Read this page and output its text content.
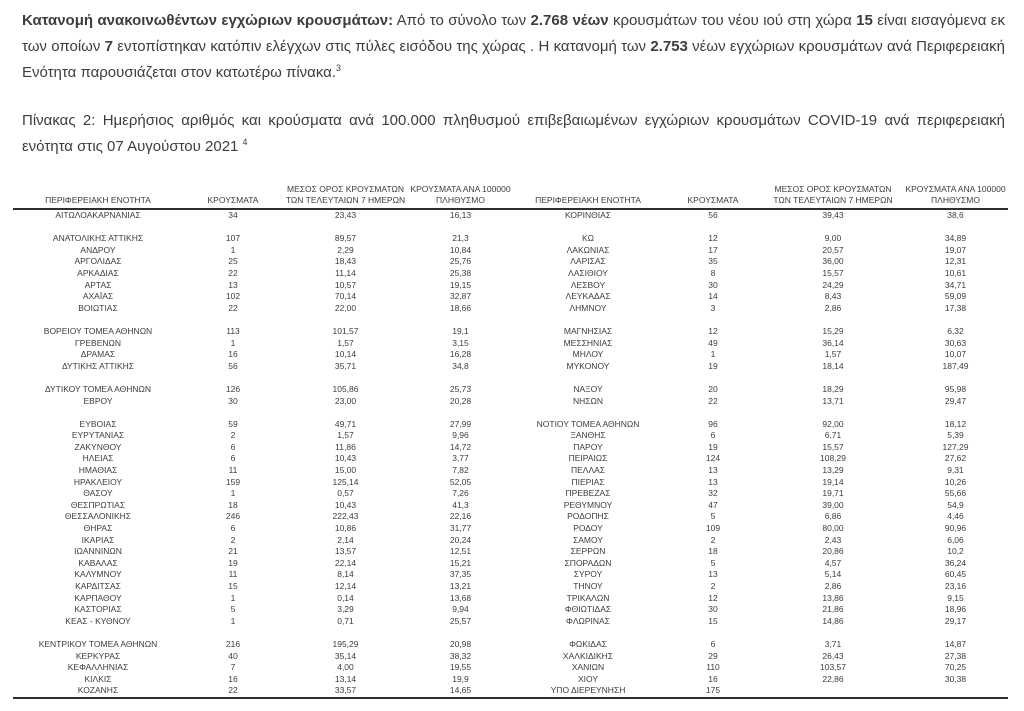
Κατανομή ανακοινωθέντων εγχώριων κρουσμάτων: Από το σύνολο των 2.768 νέων κρουσμάτων του νέου ιού στη χώρα 15 είναι εισαγόμενα εκ των οποίων 7 εντοπίστηκαν κατόπιν ελέγχων στις πύλες εισόδου της χώρας . Η κατανομή των 2.753 νέων εγχώριων κρουσμάτων ανά Περιφερειακή Ενότητα παρουσιάζεται στον κατωτέρω πίνακα.$^3$

Πίνακας 2: Ημερήσιος αριθμός και κρούσματα ανά 100.000 πληθυσμού επιβεβαιωμένων εγχώριων κρουσμάτων COVID-19 ανά περιφερειακή ενότητα στις 07 Αυγούστου 2021 $^4$

ΠΕΡΙΦΕΡΕΙΑΚΗ ΕΝΟΤΗΤΑ	ΚΡΟΥΣΜΑΤΑ	ΜΕΣΟΣ ΟΡΟΣ ΚΡΟΥΣΜΑΤΩΝ ΤΩΝ ΤΕΛΕΥΤΑΙΩΝ 7 ΗΜΕΡΩΝ	ΚΡΟΥΣΜΑΤΑ ΑΝΑ 100000 ΠΛΗΘΥΣΜΟ	ΠΕΡΙΦΕΡΕΙΑΚΗ ΕΝΟΤΗΤΑ	ΚΡΟΥΣΜΑΤΑ	ΜΕΣΟΣ ΟΡΟΣ ΚΡΟΥΣΜΑΤΩΝ ΤΩΝ ΤΕΛΕΥΤΑΙΩΝ 7 ΗΜΕΡΩΝ	ΚΡΟΥΣΜΑΤΑ ΑΝΑ 100000 ΠΛΗΘΥΣΜΟ
ΑΙΤΩΛΟΑΚΑΡΝΑΝΙΑΣ	34	23,43	16,13	ΚΟΡΙΝΘΙΑΣ	56	39,43	38,6

ΑΝΑΤΟΛΙΚΗΣ ΑΤΤΙΚΗΣ	107	89,57	21,3	ΚΩ	12	9,00	34,89
ΑΝΔΡΟΥ	1	2,29	10,84	ΛΑΚΩΝΙΑΣ	17	20,57	19,07
ΑΡΓΟΛΙΔΑΣ	25	18,43	25,76	ΛΑΡΙΣΑΣ	35	36,00	12,31
ΑΡΚΑΔΙΑΣ	22	11,14	25,38	ΛΑΣΙΘΙΟΥ	8	15,57	10,61
ΑΡΤΑΣ	13	10,57	19,15	ΛΕΣΒΟΥ	30	24,29	34,71
ΑΧΑΪΑΣ	102	70,14	32,87	ΛΕΥΚΑΔΑΣ	14	8,43	59,09
ΒΟΙΩΤΙΑΣ	22	22,00	18,66	ΛΗΜΝΟΥ	3	2,86	17,38

ΒΟΡΕΙΟΥ ΤΟΜΕΑ ΑΘΗΝΩΝ	113	101,57	19,1	ΜΑΓΝΗΣΙΑΣ	12	15,29	6,32
ΓΡΕΒΕΝΩΝ	1	1,57	3,15	ΜΕΣΣΗΝΙΑΣ	49	36,14	30,63
ΔΡΑΜΑΣ	16	10,14	16,28	ΜΗΛΟΥ	1	1,57	10,07
ΔΥΤΙΚΗΣ ΑΤΤΙΚΗΣ	56	35,71	34,8	ΜΥΚΟΝΟΥ	19	18,14	187,49

ΔΥΤΙΚΟΥ ΤΟΜΕΑ ΑΘΗΝΩΝ	126	105,86	25,73	ΝΑΞΟΥ	20	18,29	95,98
ΕΒΡΟΥ	30	23,00	20,28	ΝΗΣΩΝ	22	13,71	29,47

ΕΥΒΟΙΑΣ	59	49,71	27,99	ΝΟΤΙΟΥ ΤΟΜΕΑ ΑΘΗΝΩΝ	96	92,00	18,12
ΕΥΡΥΤΑΝΙΑΣ	2	1,57	9,96	ΞΑΝΘΗΣ	6	6,71	5,39
ΖΑΚΥΝΘΟΥ	6	11,86	14,72	ΠΑΡΟΥ	19	15,57	127,29
ΗΛΕΙΑΣ	6	10,43	3,77	ΠΕΙΡΑΙΩΣ	124	108,29	27,62
ΗΜΑΘΙΑΣ	11	15,00	7,82	ΠΕΛΛΑΣ	13	13,29	9,31
ΗΡΑΚΛΕΙΟΥ	159	125,14	52,05	ΠΙΕΡΙΑΣ	13	19,14	10,26
ΘΑΣΟΥ	1	0,57	7,26	ΠΡΕΒΕΖΑΣ	32	19,71	55,66
ΘΕΣΠΡΩΤΙΑΣ	18	10,43	41,3	ΡΕΘΥΜΝΟΥ	47	39,00	54,9
ΘΕΣΣΑΛΟΝΙΚΗΣ	246	222,43	22,16	ΡΟΔΟΠΗΣ	5	6,86	4,46
ΘΗΡΑΣ	6	10,86	31,77	ΡΟΔΟΥ	109	80,00	90,96
ΙΚΑΡΙΑΣ	2	2,14	20,24	ΣΑΜΟΥ	2	2,43	6,06
ΙΩΑΝΝΙΝΩΝ	21	13,57	12,51	ΣΕΡΡΩΝ	18	20,86	10,2
ΚΑΒΑΛΑΣ	19	22,14	15,21	ΣΠΟΡΑΔΩΝ	5	4,57	36,24
ΚΑΛΥΜΝΟΥ	11	8,14	37,35	ΣΥΡΟΥ	13	5,14	60,45
ΚΑΡΔΙΤΣΑΣ	15	12,14	13,21	ΤΗΝΟΥ	2	2,86	23,16
ΚΑΡΠΑΘΟΥ	1	0,14	13,68	ΤΡΙΚΑΛΩΝ	12	13,86	9,15
ΚΑΣΤΟΡΙΑΣ	5	3,29	9,94	ΦΘΙΩΤΙΔΑΣ	30	21,86	18,96
ΚΕΑΣ - ΚΥΘΝΟΥ	1	0,71	25,57	ΦΛΩΡΙΝΑΣ	15	14,86	29,17

ΚΕΝΤΡΙΚΟΥ ΤΟΜΕΑ ΑΘΗΝΩΝ	216	195,29	20,98	ΦΩΚΙΔΑΣ	6	3,71	14,87
ΚΕΡΚΥΡΑΣ	40	35,14	38,32	ΧΑΛΚΙΔΙΚΗΣ	29	26,43	27,38
ΚΕΦΑΛΛΗΝΙΑΣ	7	4,00	19,55	ΧΑΝΙΩΝ	110	103,57	70,25
ΚΙΛΚΙΣ	16	13,14	19,9	ΧΙΟΥ	16	22,86	30,38
ΚΟΖΑΝΗΣ	22	33,57	14,65	ΥΠΟ ΔΙΕΡΕΥΝΗΣΗ	175		
